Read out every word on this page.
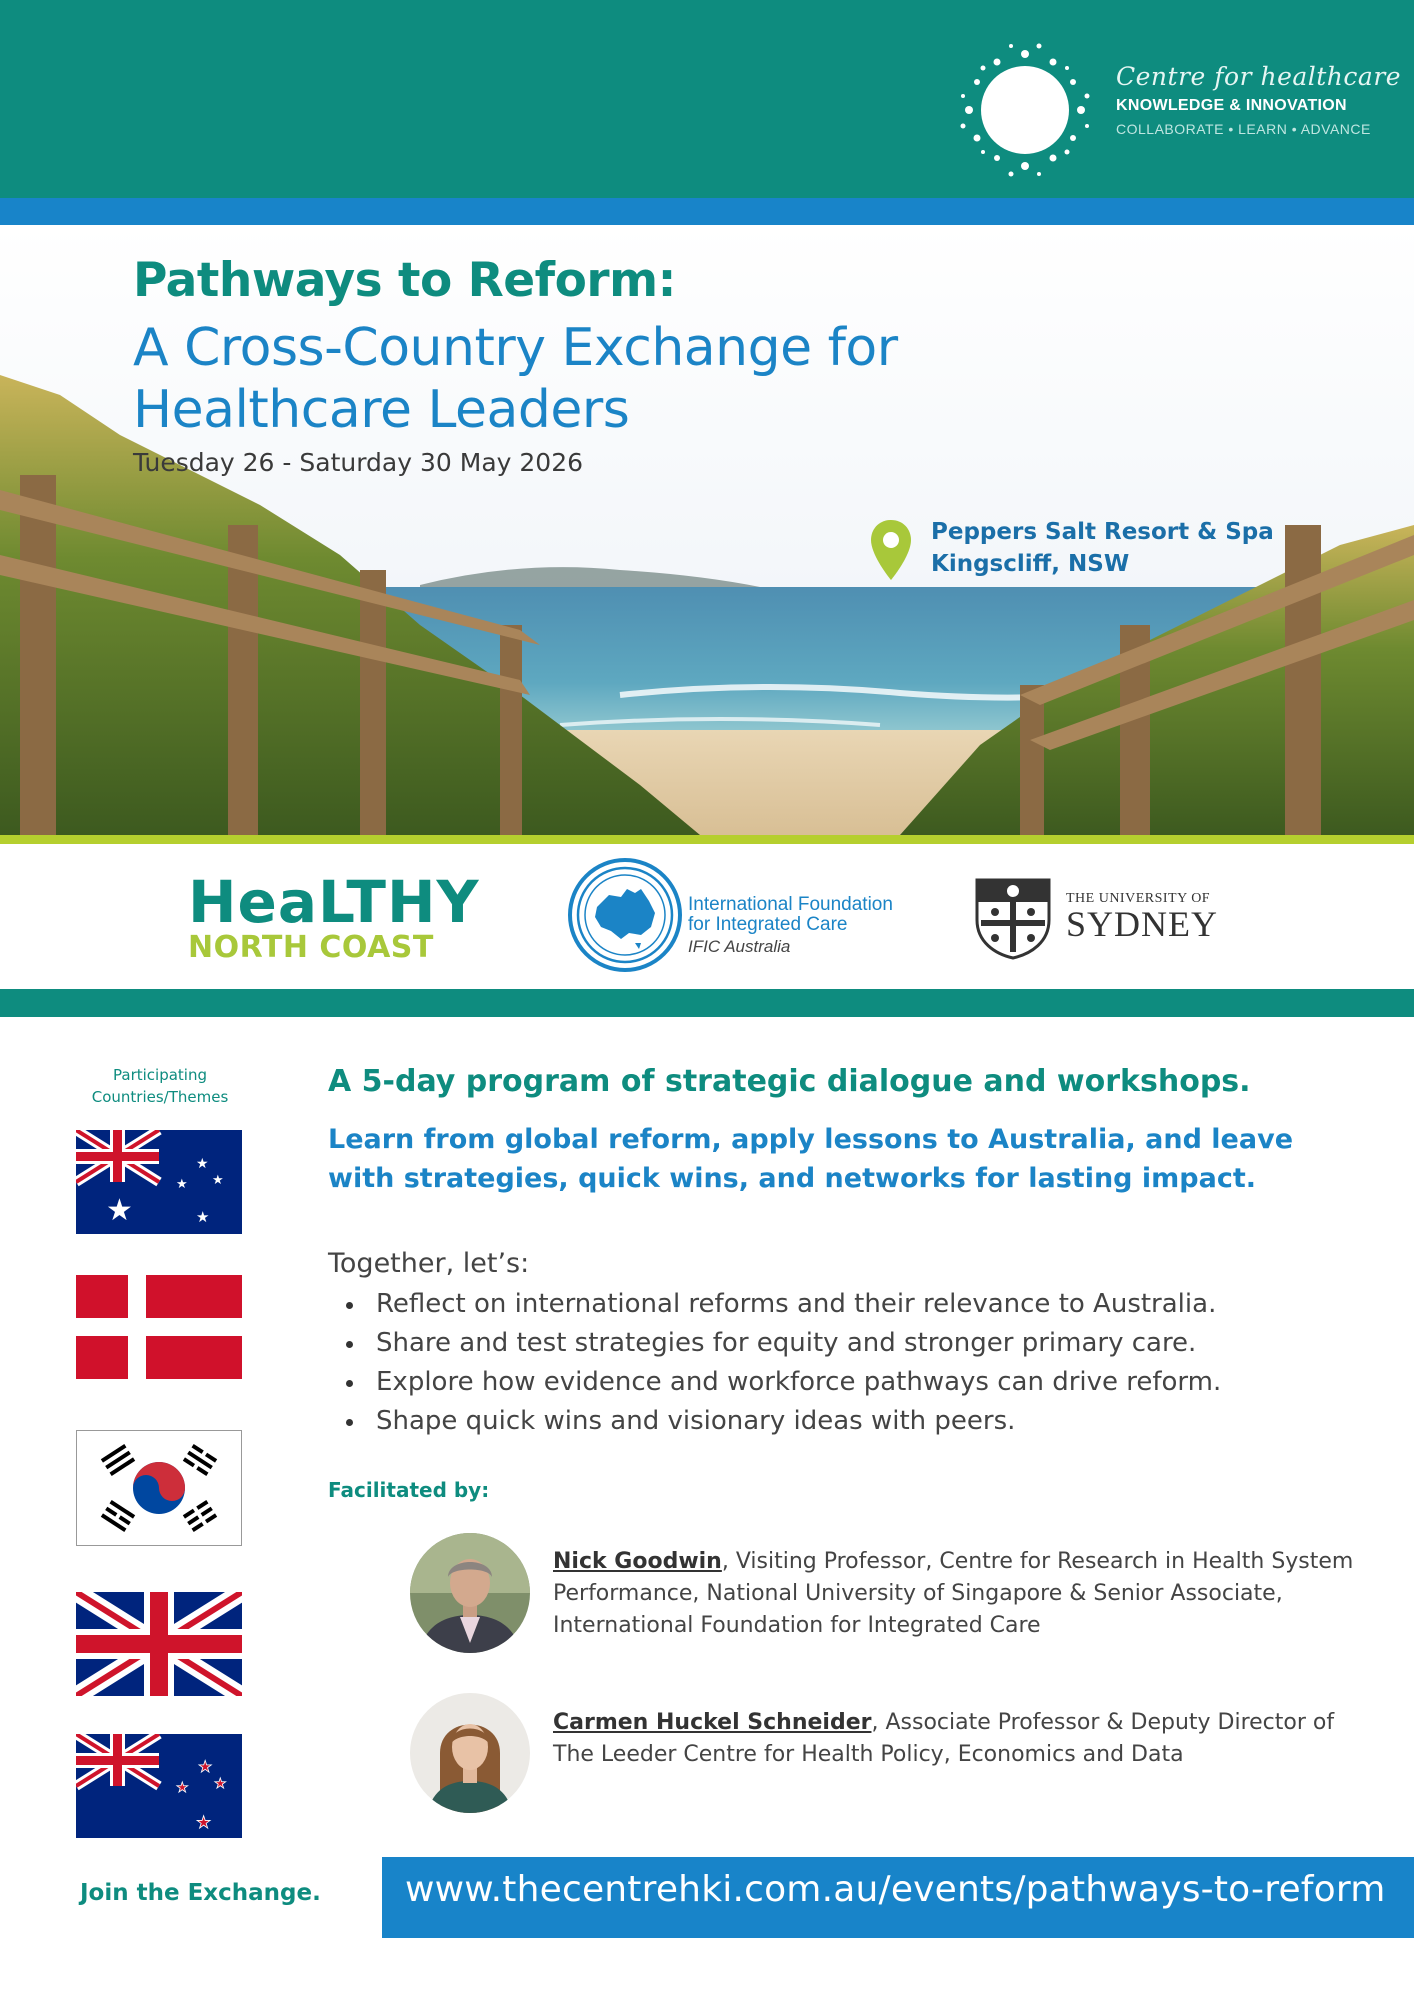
Centre for healthcare
KNOWLEDGE & INNOVATION
COLLABORATE • LEARN • ADVANCE
Pathways to Reform:
A Cross-Country Exchange for Healthcare Leaders
Tuesday 26 - Saturday 30 May 2026
Peppers Salt Resort & Spa
Kingscliff, NSW
HeaLTHY
NORTH COAST
International Foundation
for Integrated Care
IFIC Australia
THE UNIVERSITY OF
SYDNEY
Participating Countries/Themes
★
★
★
★
★
★
★ ★
★
A 5-day program of strategic dialogue and workshops.
Learn from global reform, apply lessons to Australia, and leave with strategies, quick wins, and networks for lasting impact.
Together, let’s:
Reflect on international reforms and their relevance to Australia.
Share and test strategies for equity and stronger primary care.
Explore how evidence and workforce pathways can drive reform.
Shape quick wins and visionary ideas with peers.
Facilitated by:
Nick Goodwin, Visiting Professor, Centre for Research in Health System Performance, National University of Singapore & Senior Associate, International Foundation for Integrated Care
Carmen Huckel Schneider, Associate Professor & Deputy Director of The Leeder Centre for Health Policy, Economics and Data
Join the Exchange. www.thecentrehki.com.au/events/pathways-to-reform
